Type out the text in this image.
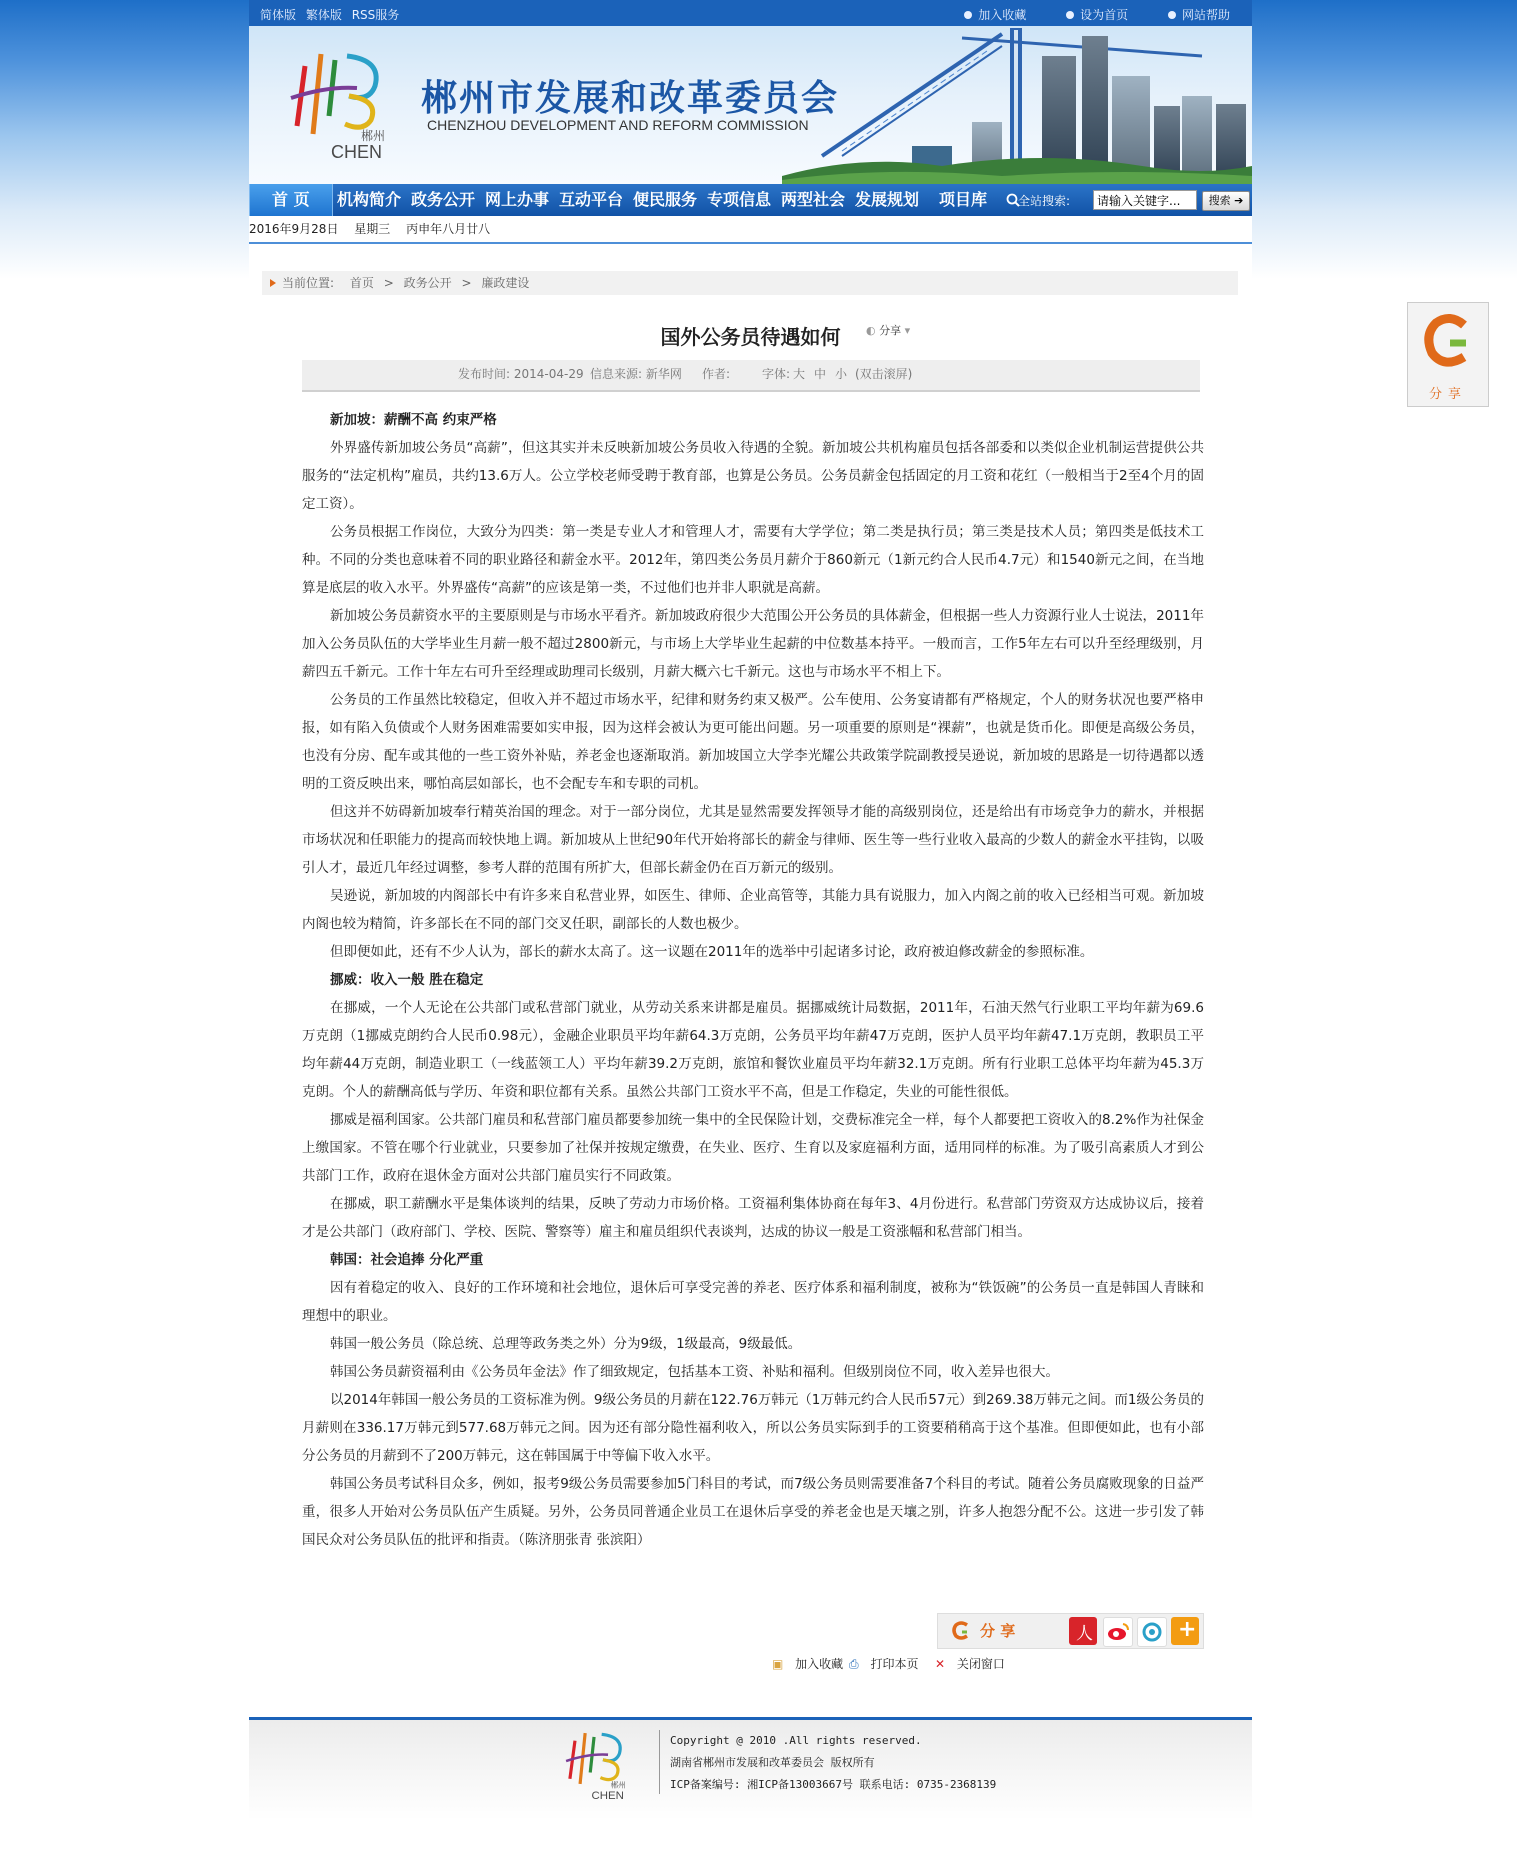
简体版 繁体版 RSS服务	加入收藏	设为首页	网站帮助
郴州
CHEN
郴州市发展和改革委员会
CHENZHOU DEVELOPMENT AND REFORM COMMISSION
首 页	机构简介 政务公开 网上办事 互动平台 便民服务 专项信息 两型社会 发展规划 项目库	全站搜索:
请输入关键字...	搜索 ➔
2016年9月28日 星期三 丙申年八月廿八
当前位置: 首页 > 政务公开 > 廉政建设
国外公务员待遇如何	◐ 分享 ▾
发布时间: 2014-04-29 信息来源: 新华网 作者:	字体: 大 中 小 (双击滚屏)

新加坡：薪酬不高 约束严格

外界盛传新加坡公务员“高薪”，但这其实并未反映新加坡公务员收入待遇的全貌。新加坡公共机构雇员包括各部委和以类似企业机制运营提供公共服务的“法定机构”雇员，共约13.6万人。公立学校老师受聘于教育部，也算是公务员。公务员薪金包括固定的月工资和花红（一般相当于2至4个月的固定工资）。

公务员根据工作岗位，大致分为四类：第一类是专业人才和管理人才，需要有大学学位；第二类是执行员；第三类是技术人员；第四类是低技术工种。不同的分类也意味着不同的职业路径和薪金水平。2012年，第四类公务员月薪介于860新元（1新元约合人民币4.7元）和1540新元之间，在当地算是底层的收入水平。外界盛传“高薪”的应该是第一类，不过他们也并非人职就是高薪。

新加坡公务员薪资水平的主要原则是与市场水平看齐。新加坡政府很少大范围公开公务员的具体薪金，但根据一些人力资源行业人士说法，2011年加入公务员队伍的大学毕业生月薪一般不超过2800新元，与市场上大学毕业生起薪的中位数基本持平。一般而言，工作5年左右可以升至经理级别，月薪四五千新元。工作十年左右可升至经理或助理司长级别，月薪大概六七千新元。这也与市场水平不相上下。

公务员的工作虽然比较稳定，但收入并不超过市场水平，纪律和财务约束又极严。公车使用、公务宴请都有严格规定，个人的财务状况也要严格申报，如有陷入负债或个人财务困难需要如实申报，因为这样会被认为更可能出问题。另一项重要的原则是“裸薪”，也就是货币化。即便是高级公务员，也没有分房、配车或其他的一些工资外补贴，养老金也逐渐取消。新加坡国立大学李光耀公共政策学院副教授吴逊说，新加坡的思路是一切待遇都以透明的工资反映出来，哪怕高层如部长，也不会配专车和专职的司机。

但这并不妨碍新加坡奉行精英治国的理念。对于一部分岗位，尤其是显然需要发挥领导才能的高级别岗位，还是给出有市场竞争力的薪水，并根据市场状况和任职能力的提高而较快地上调。新加坡从上世纪90年代开始将部长的薪金与律师、医生等一些行业收入最高的少数人的薪金水平挂钩，以吸引人才，最近几年经过调整，参考人群的范围有所扩大，但部长薪金仍在百万新元的级别。

吴逊说，新加坡的内阁部长中有许多来自私营业界，如医生、律师、企业高管等，其能力具有说服力，加入内阁之前的收入已经相当可观。新加坡内阁也较为精简，许多部长在不同的部门交叉任职，副部长的人数也极少。

但即便如此，还有不少人认为，部长的薪水太高了。这一议题在2011年的选举中引起诸多讨论，政府被迫修改薪金的参照标准。

挪威：收入一般 胜在稳定

在挪威，一个人无论在公共部门或私营部门就业，从劳动关系来讲都是雇员。据挪威统计局数据，2011年，石油天然气行业职工平均年薪为69.6万克朗（1挪威克朗约合人民币0.98元），金融企业职员平均年薪64.3万克朗，公务员平均年薪47万克朗，医护人员平均年薪47.1万克朗，教职员工平均年薪44万克朗，制造业职工（一线蓝领工人）平均年薪39.2万克朗，旅馆和餐饮业雇员平均年薪32.1万克朗。所有行业职工总体平均年薪为45.3万克朗。个人的薪酬高低与学历、年资和职位都有关系。虽然公共部门工资水平不高，但是工作稳定，失业的可能性很低。

挪威是福利国家。公共部门雇员和私营部门雇员都要参加统一集中的全民保险计划，交费标准完全一样，每个人都要把工资收入的8.2%作为社保金上缴国家。不管在哪个行业就业，只要参加了社保并按规定缴费，在失业、医疗、生育以及家庭福利方面，适用同样的标准。为了吸引高素质人才到公共部门工作，政府在退休金方面对公共部门雇员实行不同政策。

在挪威，职工薪酬水平是集体谈判的结果，反映了劳动力市场价格。工资福利集体协商在每年3、4月份进行。私营部门劳资双方达成协议后，接着才是公共部门（政府部门、学校、医院、警察等）雇主和雇员组织代表谈判，达成的协议一般是工资涨幅和私营部门相当。

韩国：社会追捧 分化严重

因有着稳定的收入、良好的工作环境和社会地位，退休后可享受完善的养老、医疗体系和福利制度，被称为“铁饭碗”的公务员一直是韩国人青睐和理想中的职业。

韩国一般公务员（除总统、总理等政务类之外）分为9级，1级最高，9级最低。

韩国公务员薪资福利由《公务员年金法》作了细致规定，包括基本工资、补贴和福利。但级别岗位不同，收入差异也很大。

以2014年韩国一般公务员的工资标准为例。9级公务员的月薪在122.76万韩元（1万韩元约合人民币57元）到269.38万韩元之间。而1级公务员的月薪则在336.17万韩元到577.68万韩元之间。因为还有部分隐性福利收入，所以公务员实际到手的工资要稍稍高于这个基准。但即便如此，也有小部分公务员的月薪到不了200万韩元，这在韩国属于中等偏下收入水平。

韩国公务员考试科目众多，例如，报考9级公务员需要参加5门科目的考试，而7级公务员则需要准备7个科目的考试。随着公务员腐败现象的日益严重，很多人开始对公务员队伍产生质疑。另外，公务员同普通企业员工在退休后享受的养老金也是天壤之别，许多人抱怨分配不公。这进一步引发了韩国民众对公务员队伍的批评和指责。（陈济朋张青 张滨阳）

分 享	人	+
▣ 加入收藏 ⎙ 打印本页 ✕ 关闭窗口
郴州
CHEN
Copyright @ 2010 .All rights reserved.
湖南省郴州市发展和改革委员会 版权所有
ICP备案编号: 湘ICP备13003667号 联系电话: 0735-2368139
分享
